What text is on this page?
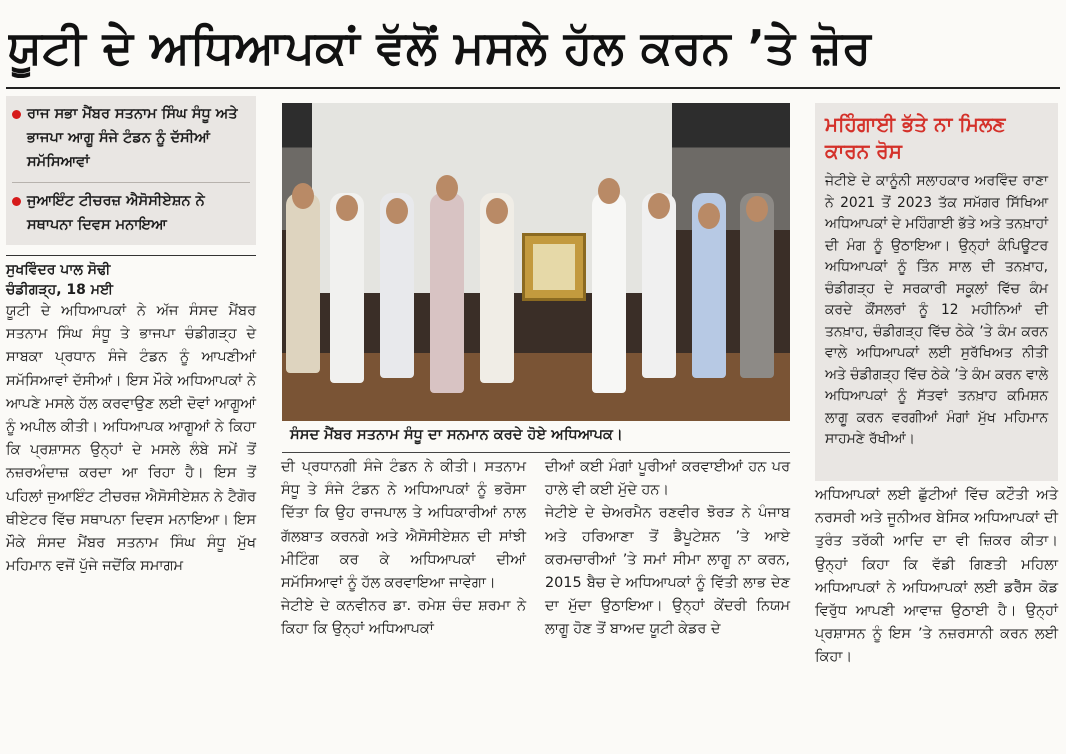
ਯੂਟੀ ਦੇ ਅਧਿਆਪਕਾਂ ਵੱਲੋਂ ਮਸਲੇ ਹੱਲ ਕਰਨ ’ਤੇ ਜ਼ੋਰ
ਰਾਜ ਸਭਾ ਮੈਂਬਰ ਸਤਨਾਮ ਸਿੰਘ ਸੰਧੂ ਅਤੇ ਭਾਜਪਾ ਆਗੂ ਸੰਜੇ ਟੰਡਨ ਨੂੰ ਦੱਸੀਆਂ ਸਮੱਸਿਆਵਾਂ
ਜੁਆਇੰਟ ਟੀਚਰਜ਼ ਐਸੋਸੀਏਸ਼ਨ ਨੇ ਸਥਾਪਨਾ ਦਿਵਸ ਮਨਾਇਆ
ਸੁਖਵਿੰਦਰ ਪਾਲ ਸੋਢੀ
ਚੰਡੀਗੜ੍ਹ, 18 ਮਈ
ਯੂਟੀ ਦੇ ਅਧਿਆਪਕਾਂ ਨੇ ਅੱਜ ਸੰਸਦ ਮੈਂਬਰ ਸਤਨਾਮ ਸਿੰਘ ਸੰਧੂ ਤੇ ਭਾਜਪਾ ਚੰਡੀਗੜ੍ਹ ਦੇ ਸਾਬਕਾ ਪ੍ਰਧਾਨ ਸੰਜੇ ਟੰਡਨ ਨੂੰ ਆਪਣੀਆਂ ਸਮੱਸਿਆਵਾਂ ਦੱਸੀਆਂ। ਇਸ ਮੌਕੇ ਅਧਿਆਪਕਾਂ ਨੇ ਆਪਣੇ ਮਸਲੇ ਹੱਲ ਕਰਵਾਉਣ ਲਈ ਦੋਵਾਂ ਆਗੂਆਂ ਨੂੰ ਅਪੀਲ ਕੀਤੀ। ਅਧਿਆਪਕ ਆਗੂਆਂ ਨੇ ਕਿਹਾ ਕਿ ਪ੍ਰਸ਼ਾਸਨ ਉਨ੍ਹਾਂ ਦੇ ਮਸਲੇ ਲੰਬੇ ਸਮੇਂ ਤੋਂ ਨਜ਼ਰਅੰਦਾਜ਼ ਕਰਦਾ ਆ ਰਿਹਾ ਹੈ। ਇਸ ਤੋਂ ਪਹਿਲਾਂ ਜੁਆਇੰਟ ਟੀਚਰਜ਼ ਐਸੋਸੀਏਸ਼ਨ ਨੇ ਟੈਗੋਰ ਥੀਏਟਰ ਵਿੱਚ ਸਥਾਪਨਾ ਦਿਵਸ ਮਨਾਇਆ। ਇਸ ਮੌਕੇ ਸੰਸਦ ਮੈਂਬਰ ਸਤਨਾਮ ਸਿੰਘ ਸੰਧੂ ਮੁੱਖ ਮਹਿਮਾਨ ਵਜੋਂ ਪੁੱਜੇ ਜਦੋਂਕਿ ਸਮਾਗਮ
ਸੰਸਦ ਮੈਂਬਰ ਸਤਨਾਮ ਸੰਧੂ ਦਾ ਸਨਮਾਨ ਕਰਦੇ ਹੋਏ ਅਧਿਆਪਕ।
ਦੀ ਪ੍ਰਧਾਨਗੀ ਸੰਜੇ ਟੰਡਨ ਨੇ ਕੀਤੀ। ਸਤਨਾਮ ਸੰਧੂ ਤੇ ਸੰਜੇ ਟੰਡਨ ਨੇ ਅਧਿਆਪਕਾਂ ਨੂੰ ਭਰੋਸਾ ਦਿੱਤਾ ਕਿ ਉਹ ਰਾਜਪਾਲ ਤੇ ਅਧਿਕਾਰੀਆਂ ਨਾਲ ਗੱਲਬਾਤ ਕਰਨਗੇ ਅਤੇ ਐਸੋਸੀਏਸ਼ਨ ਦੀ ਸਾਂਝੀ ਮੀਟਿੰਗ ਕਰ ਕੇ ਅਧਿਆਪਕਾਂ ਦੀਆਂ ਸਮੱਸਿਆਵਾਂ ਨੂੰ ਹੱਲ ਕਰਵਾਇਆ ਜਾਵੇਗਾ।
ਜੇਟੀਏ ਦੇ ਕਨਵੀਨਰ ਡਾ. ਰਮੇਸ਼ ਚੰਦ ਸ਼ਰਮਾ ਨੇ ਕਿਹਾ ਕਿ ਉਨ੍ਹਾਂ ਅਧਿਆਪਕਾਂ
ਦੀਆਂ ਕਈ ਮੰਗਾਂ ਪੂਰੀਆਂ ਕਰਵਾਈਆਂ ਹਨ ਪਰ ਹਾਲੇ ਵੀ ਕਈ ਮੁੱਦੇ ਹਨ।
ਜੇਟੀਏ ਦੇ ਚੇਅਰਮੈਨ ਰਣਵੀਰ ਝੋਰੜ ਨੇ ਪੰਜਾਬ ਅਤੇ ਹਰਿਆਣਾ ਤੋਂ ਡੈਪੂਟੇਸ਼ਨ ’ਤੇ ਆਏ ਕਰਮਚਾਰੀਆਂ ’ਤੇ ਸਮਾਂ ਸੀਮਾ ਲਾਗੂ ਨਾ ਕਰਨ, 2015 ਬੈਚ ਦੇ ਅਧਿਆਪਕਾਂ ਨੂੰ ਵਿੱਤੀ ਲਾਭ ਦੇਣ ਦਾ ਮੁੱਦਾ ਉਠਾਇਆ। ਉਨ੍ਹਾਂ ਕੇਂਦਰੀ ਨਿਯਮ ਲਾਗੂ ਹੋਣ ਤੋਂ ਬਾਅਦ ਯੂਟੀ ਕੇਡਰ ਦੇ
ਮਹਿੰਗਾਈ ਭੱਤੇ ਨਾ ਮਿਲਣ ਕਾਰਨ ਰੋਸ
ਜੇਟੀਏ ਦੇ ਕਾਨੂੰਨੀ ਸਲਾਹਕਾਰ ਅਰਵਿੰਦ ਰਾਣਾ ਨੇ 2021 ਤੋਂ 2023 ਤੱਕ ਸਮੱਗਰ ਸਿੱਖਿਆ ਅਧਿਆਪਕਾਂ ਦੇ ਮਹਿੰਗਾਈ ਭੱਤੇ ਅਤੇ ਤਨਖ਼ਾਹਾਂ ਦੀ ਮੰਗ ਨੂੰ ਉਠਾਇਆ। ਉਨ੍ਹਾਂ ਕੰਪਿਊਟਰ ਅਧਿਆਪਕਾਂ ਨੂੰ ਤਿੰਨ ਸਾਲ ਦੀ ਤਨਖ਼ਾਹ, ਚੰਡੀਗੜ੍ਹ ਦੇ ਸਰਕਾਰੀ ਸਕੂਲਾਂ ਵਿੱਚ ਕੰਮ ਕਰਦੇ ਕੌਂਸਲਰਾਂ ਨੂੰ 12 ਮਹੀਨਿਆਂ ਦੀ ਤਨਖ਼ਾਹ, ਚੰਡੀਗੜ੍ਹ ਵਿੱਚ ਠੇਕੇ ’ਤੇ ਕੰਮ ਕਰਨ ਵਾਲੇ ਅਧਿਆਪਕਾਂ ਲਈ ਸੁਰੱਖਿਅਤ ਨੀਤੀ ਅਤੇ ਚੰਡੀਗੜ੍ਹ ਵਿੱਚ ਠੇਕੇ ’ਤੇ ਕੰਮ ਕਰਨ ਵਾਲੇ ਅਧਿਆਪਕਾਂ ਨੂੰ ਸੱਤਵਾਂ ਤਨਖ਼ਾਹ ਕਮਿਸ਼ਨ ਲਾਗੂ ਕਰਨ ਵਰਗੀਆਂ ਮੰਗਾਂ ਮੁੱਖ ਮਹਿਮਾਨ ਸਾਹਮਣੇ ਰੱਖੀਆਂ।
ਅਧਿਆਪਕਾਂ ਲਈ ਛੁੱਟੀਆਂ ਵਿੱਚ ਕਟੌਤੀ ਅਤੇ ਨਰਸਰੀ ਅਤੇ ਜੂਨੀਅਰ ਬੇਸਿਕ ਅਧਿਆਪਕਾਂ ਦੀ ਤੁਰੰਤ ਤਰੱਕੀ ਆਦਿ ਦਾ ਵੀ ਜ਼ਿਕਰ ਕੀਤਾ। ਉਨ੍ਹਾਂ ਕਿਹਾ ਕਿ ਵੱਡੀ ਗਿਣਤੀ ਮਹਿਲਾ ਅਧਿਆਪਕਾਂ ਨੇ ਅਧਿਆਪਕਾਂ ਲਈ ਡਰੈੱਸ ਕੋਡ ਵਿਰੁੱਧ ਆਪਣੀ ਆਵਾਜ਼ ਉਠਾਈ ਹੈ। ਉਨ੍ਹਾਂ ਪ੍ਰਸ਼ਾਸਨ ਨੂੰ ਇਸ ’ਤੇ ਨਜ਼ਰਸਾਨੀ ਕਰਨ ਲਈ ਕਿਹਾ।
